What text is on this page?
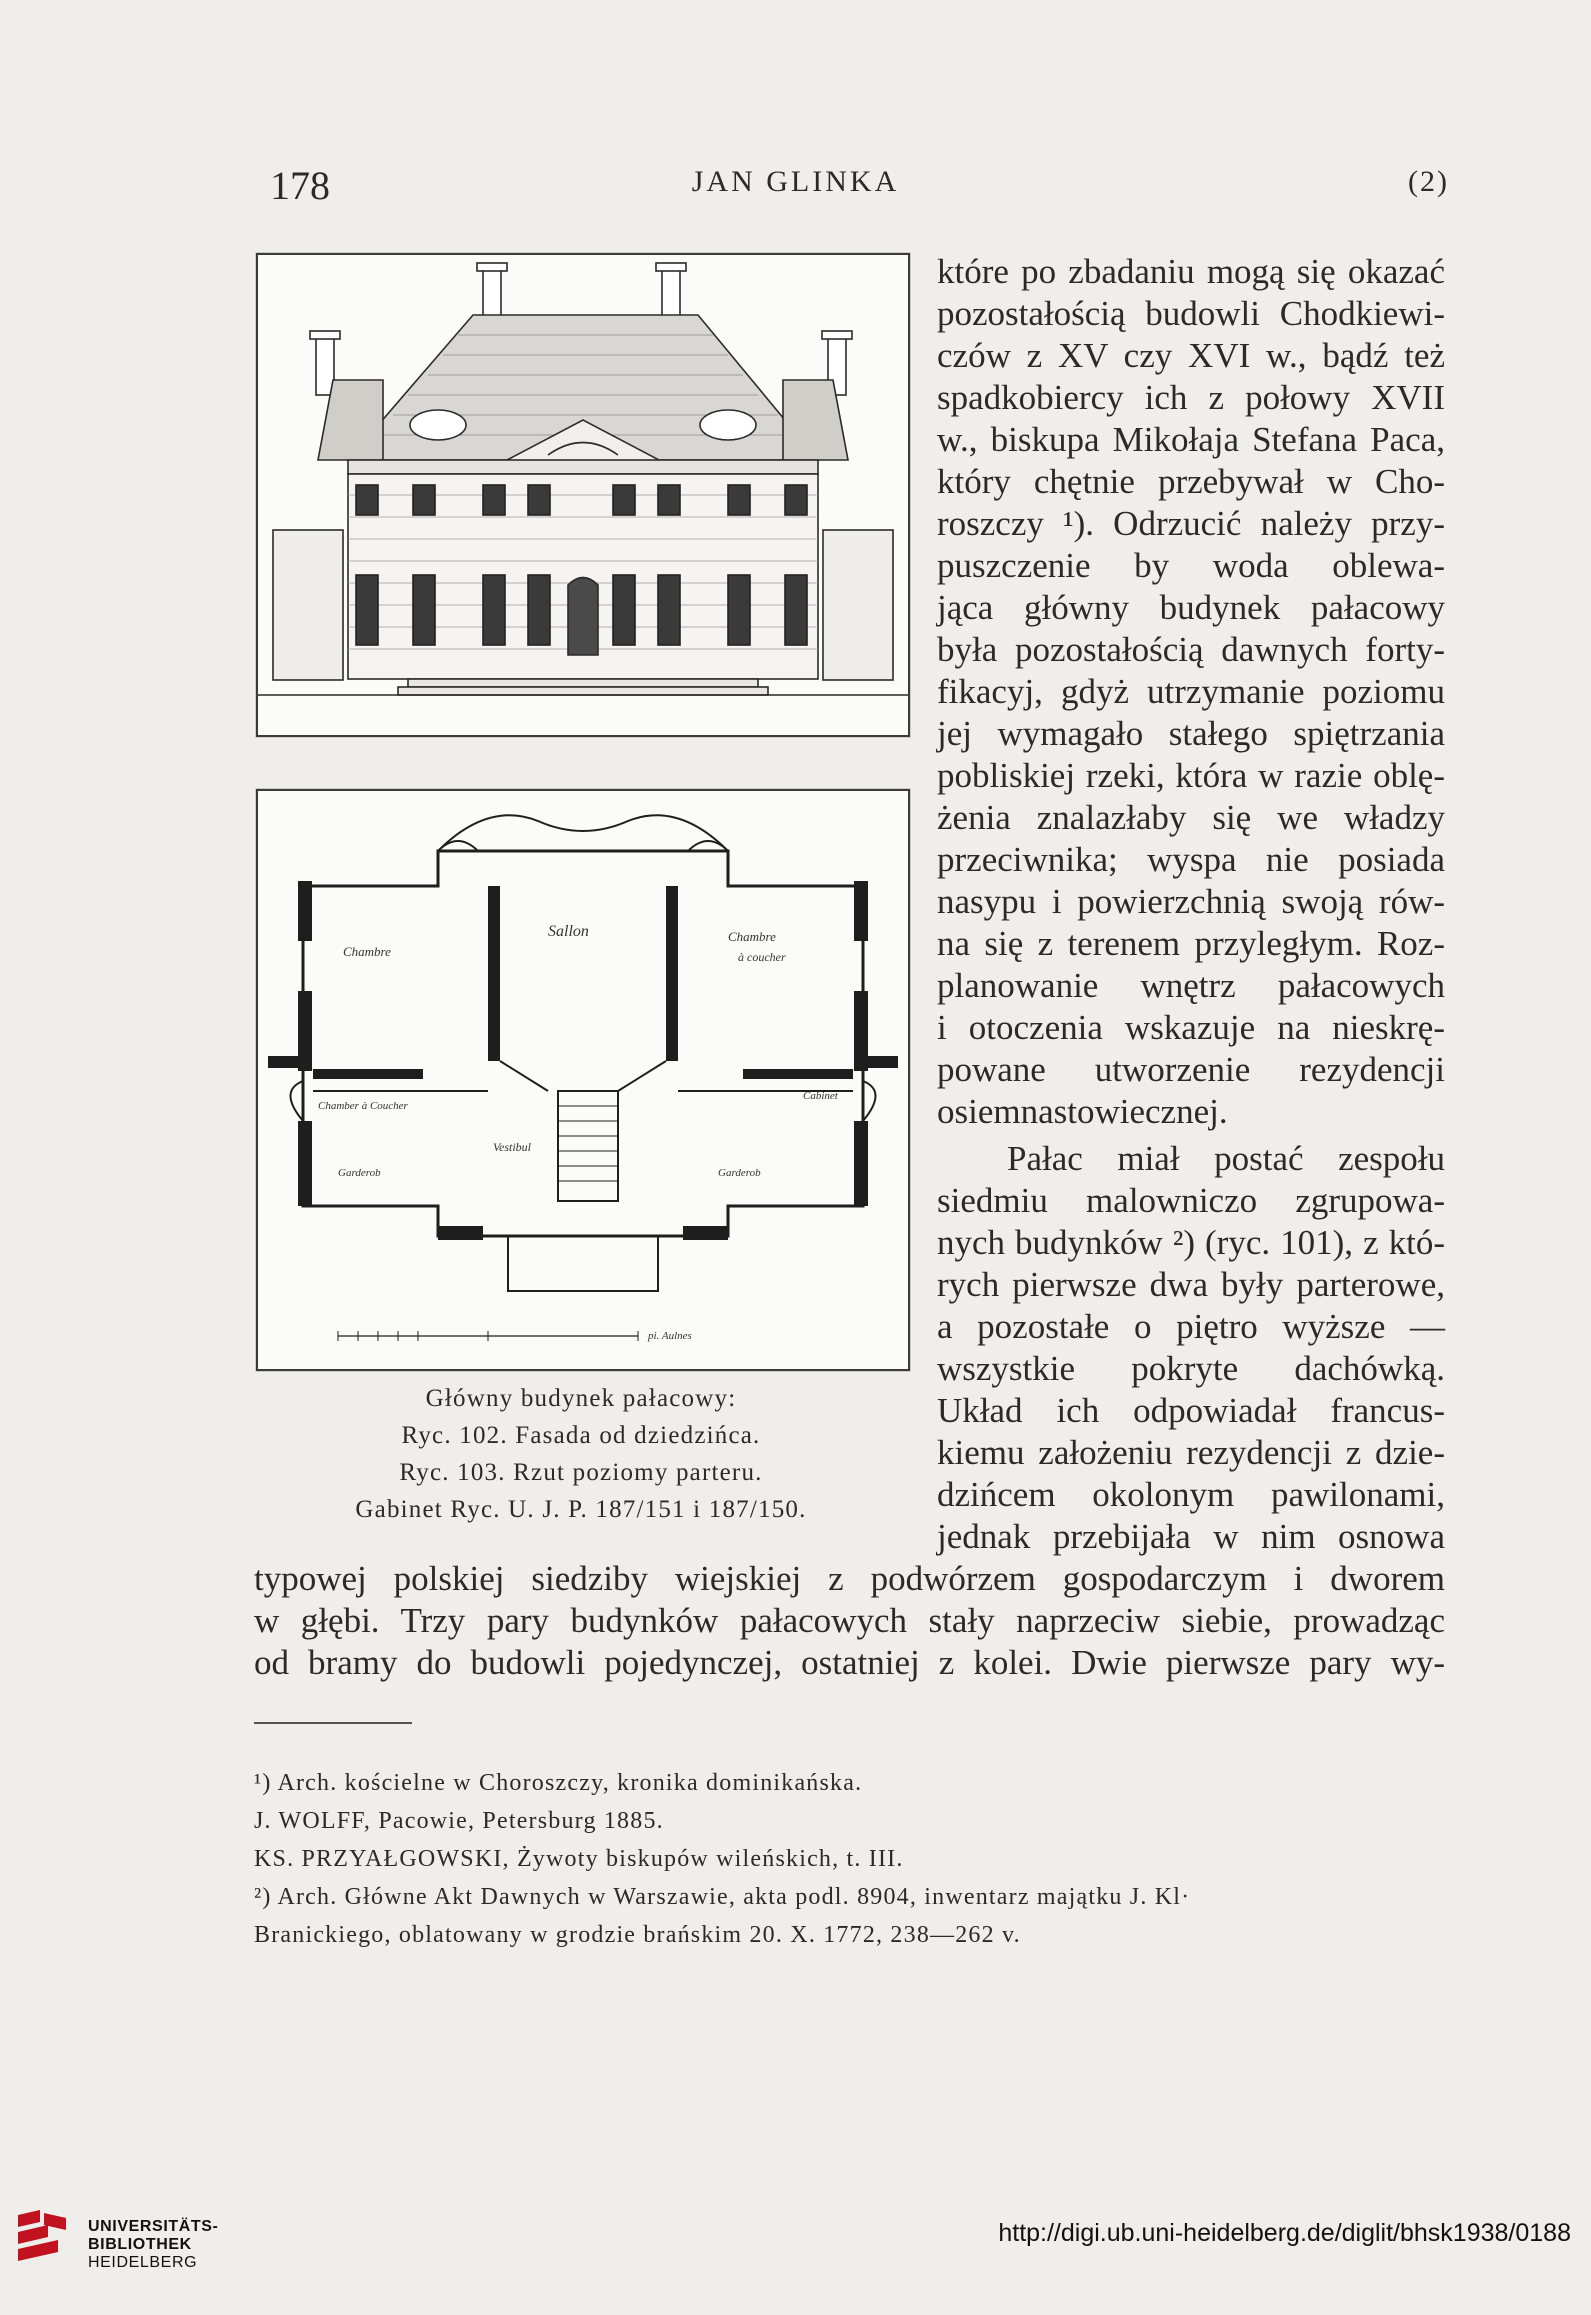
178	JAN GLINKA	(2)
Chambre
Sallon	Chambre
à coucher
Chamber à Coucher
Cabinet
Vestibul
Garderob	Garderob
pi. Aulnes
Główny budynek pałacowy:
Ryc. 102. Fasada od dziedzińca.
Ryc. 103. Rzut poziomy parteru.
Gabinet Ryc. U. J. P. 187/151 i 187/150.
które po zbadaniu mogą się okazać
pozostałością budowli Chodkiewi-
czów z XV czy XVI w., bądź też
spadkobiercy ich z połowy XVII
w., biskupa Mikołaja Stefana Paca,
który chętnie przebywał w Cho-
roszczy ¹). Odrzucić należy przy-
puszczenie by woda oblewa-
jąca główny budynek pałacowy
była pozostałością dawnych forty-
fikacyj, gdyż utrzymanie poziomu
jej wymagało stałego spiętrzania
pobliskiej rzeki, która w razie oblę-
żenia znalazłaby się we władzy
przeciwnika; wyspa nie posiada
nasypu i powierzchnią swoją rów-
na się z terenem przyległym. Roz-
planowanie wnętrz pałacowych
i otoczenia wskazuje na nieskrę-
powane utworzenie rezydencji
osiemnastowiecznej.
Pałac miał postać zespołu
siedmiu malowniczo zgrupowa-
nych budynków ²) (ryc. 101), z któ-
rych pierwsze dwa były parterowe,
a pozostałe o piętro wyższe —
wszystkie pokryte dachówką.
Układ ich odpowiadał francus-
kiemu założeniu rezydencji z dzie-
dzińcem okolonym pawilonami,
jednak przebijała w nim osnowa
typowej polskiej siedziby wiejskiej z podwórzem gospodarczym i dworem
w głębi. Trzy pary budynków pałacowych stały naprzeciw siebie, prowadząc
od bramy do budowli pojedynczej, ostatniej z kolei. Dwie pierwsze pary wy-
¹) Arch. kościelne w Choroszczy, kronika dominikańska.
J. WOLFF, Pacowie, Petersburg 1885.
KS. PRZYAŁGOWSKI, Żywoty biskupów wileńskich, t. III.
²) Arch. Główne Akt Dawnych w Warszawie, akta podl. 8904, inwentarz majątku J. Kl·
Branickiego, oblatowany w grodzie brańskim 20. X. 1772, 238—262 v.
UNIVERSITÄTS-
BIBLIOTHEK
HEIDELBERG
http://digi.ub.uni-heidelberg.de/diglit/bhsk1938/0188
